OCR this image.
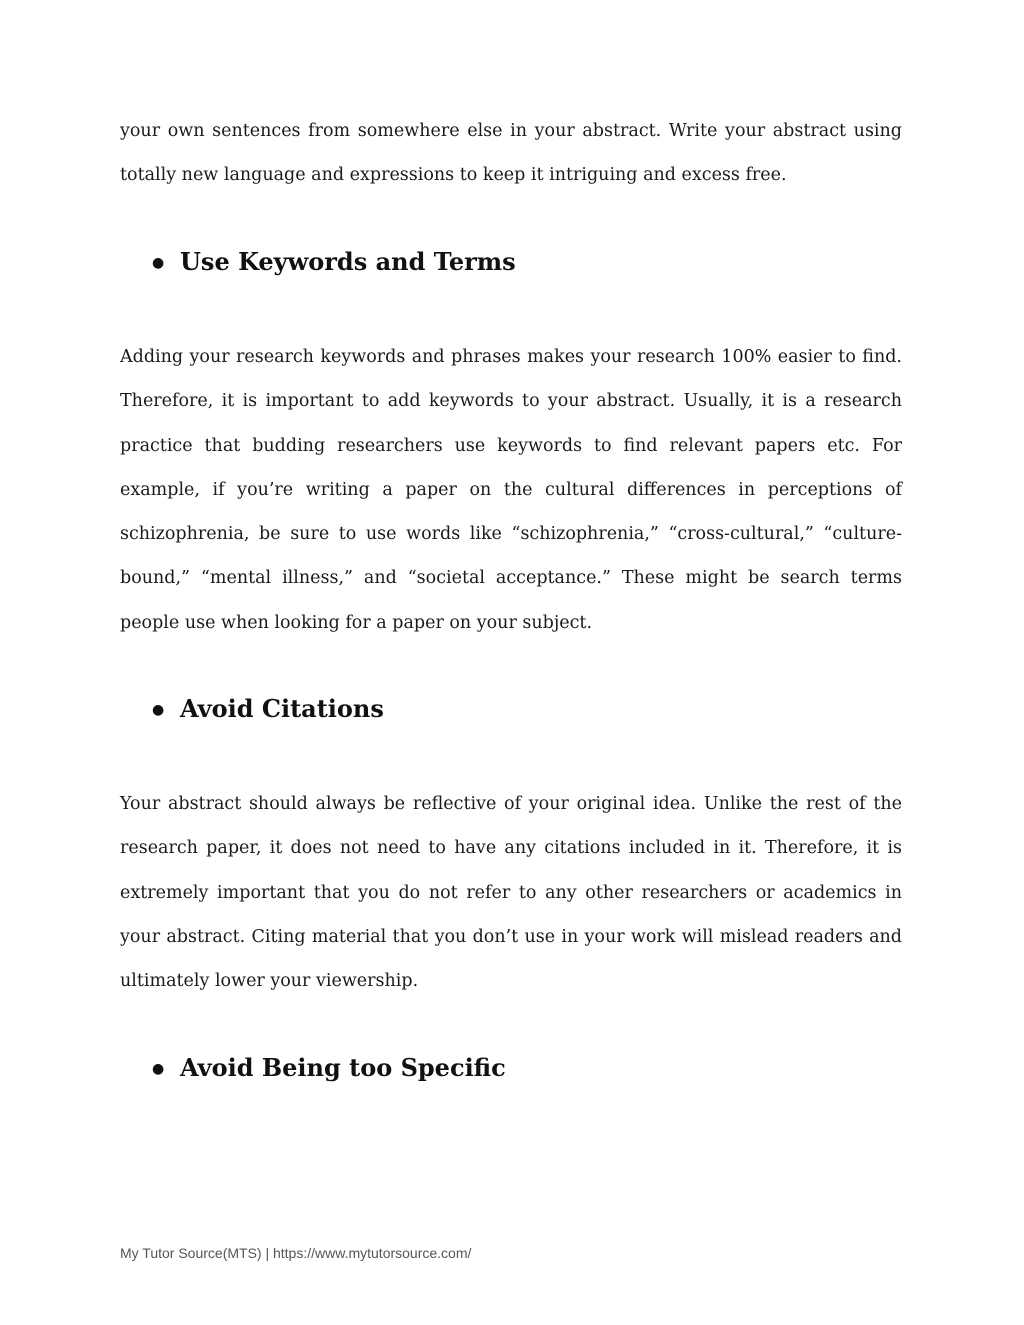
your own sentences from somewhere else in your abstract. Write your abstract using totally new language and expressions to keep it intriguing and excess free.

● Use Keywords and Terms

Adding your research keywords and phrases makes your research 100% easier to find. Therefore, it is important to add keywords to your abstract. Usually, it is a research practice that budding researchers use keywords to find relevant papers etc. For example, if you’re writing a paper on the cultural differences in perceptions of schizophrenia, be sure to use words like “schizophrenia,” “cross-cultural,” “culture-bound,” “mental illness,” and “societal acceptance.” These might be search terms people use when looking for a paper on your subject.

● Avoid Citations

Your abstract should always be reflective of your original idea. Unlike the rest of the research paper, it does not need to have any citations included in it. Therefore, it is extremely important that you do not refer to any other researchers or academics in your abstract. Citing material that you don’t use in your work will mislead readers and ultimately lower your viewership.

● Avoid Being too Specific

My Tutor Source(MTS) | https://www.mytutorsource.com/
